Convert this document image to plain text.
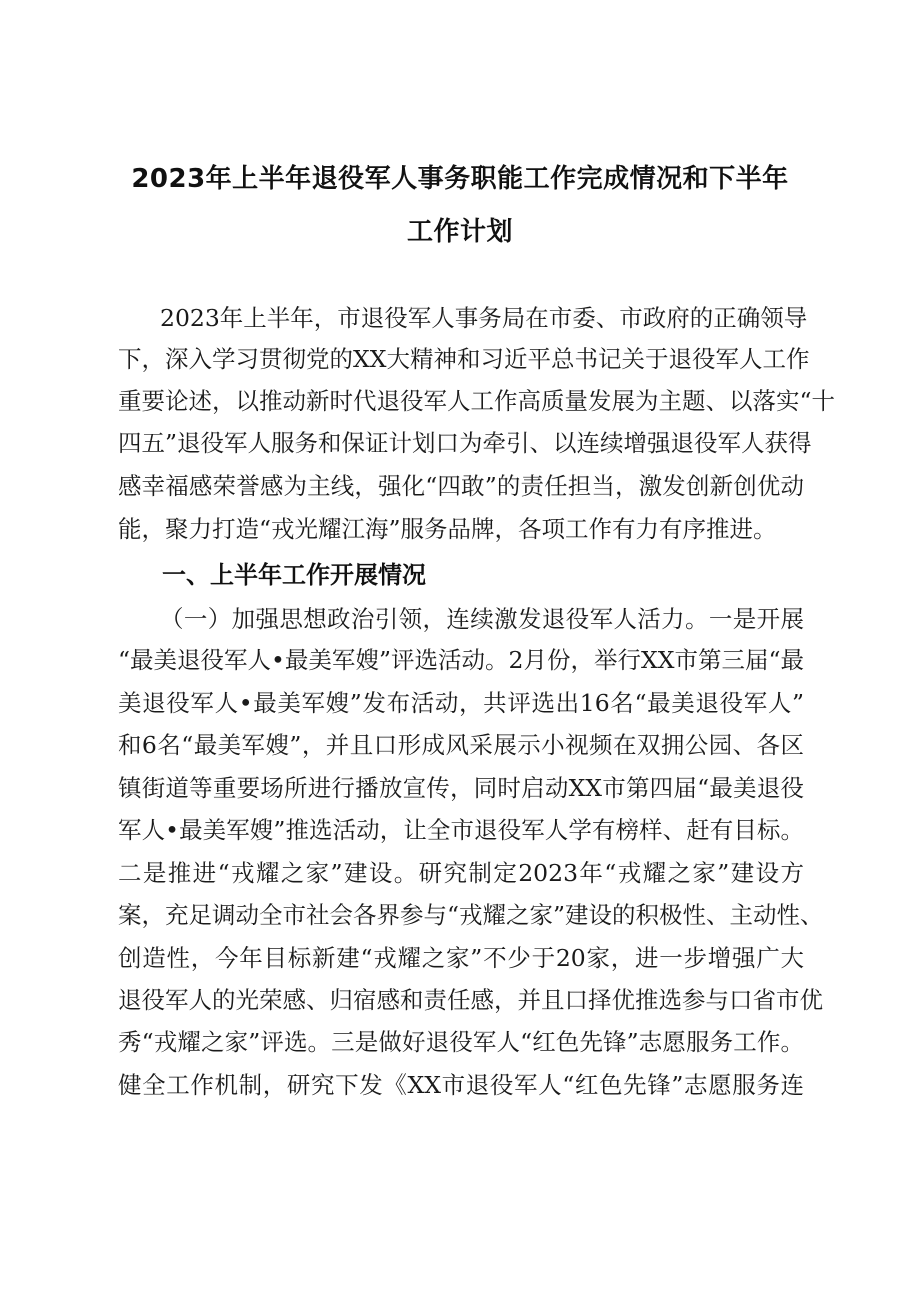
2023年上半年退役军人事务职能工作完成情况和下半年
工作计划
2023年上半年，市退役军人事务局在市委、市政府的正确领导
下，深入学习贯彻党的XX大精神和习近平总书记关于退役军人工作
重要论述，以推动新时代退役军人工作高质量发展为主题、以落实“十
四五”退役军人服务和保证计划口为牵引、以连续增强退役军人获得
感幸福感荣誉感为主线，强化“四敢”的责任担当，激发创新创优动
能，聚力打造“戎光耀江海”服务品牌，各项工作有力有序推进。
一、上半年工作开展情况
（一）加强思想政治引领，连续激发退役军人活力。一是开展
“最美退役军人•最美军嫂”评选活动。2月份，举行XX市第三届“最
美退役军人•最美军嫂”发布活动，共评选出16名“最美退役军人”
和6名“最美军嫂”，并且口形成风采展示小视频在双拥公园、各区
镇街道等重要场所进行播放宣传，同时启动XX市第四届“最美退役
军人•最美军嫂”推选活动，让全市退役军人学有榜样、赶有目标。
二是推进“戎耀之家”建设。研究制定2023年“戎耀之家”建设方
案，充足调动全市社会各界参与“戎耀之家”建设的积极性、主动性、
创造性，今年目标新建“戎耀之家”不少于20家，进一步增强广大
退役军人的光荣感、归宿感和责任感，并且口择优推选参与口省市优
秀“戎耀之家”评选。三是做好退役军人“红色先锋”志愿服务工作。
健全工作机制，研究下发《XX市退役军人“红色先锋”志愿服务连
